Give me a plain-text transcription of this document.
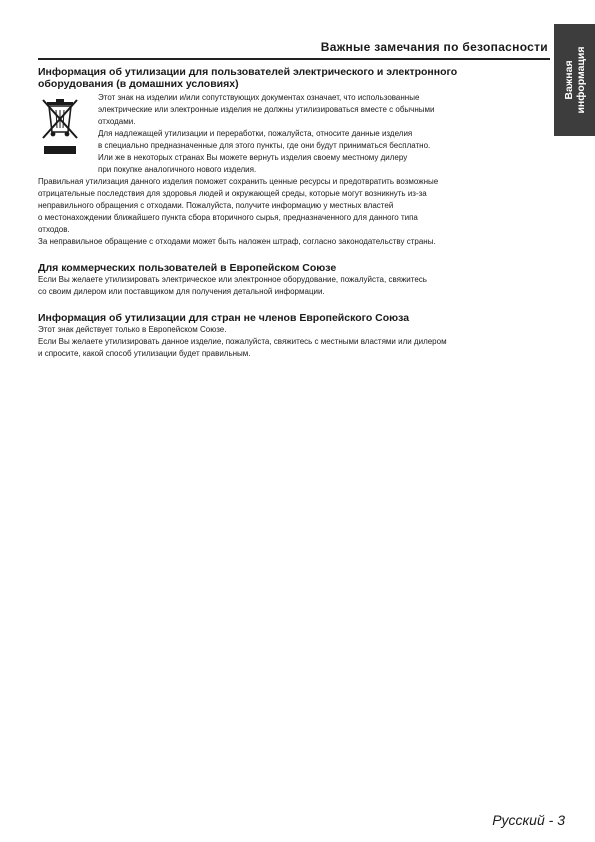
Важные замечания по безопасности
Важная информация
Информация об утилизации для пользователей электрического и электронного
оборудования (в домашних условиях)

Этот знак на изделии и/или сопутствующих документах означает, что использованные
электрические или электронные изделия не должны утилизироваться вместе с обычными
отходами.
Для надлежащей утилизации и переработки, пожалуйста, относите данные изделия
в специально предназначенные для этого пункты, где они будут приниматься бесплатно.
Или же в некоторых странах Вы можете вернуть изделия своему местному дилеру
при покупке аналогичного нового изделия.

Правильная утилизация данного изделия поможет сохранить ценные ресурсы и предотвратить возможные
отрицательные последствия для здоровья людей и окружающей среды, которые могут возникнуть из-за
неправильного обращения с отходами. Пожалуйста, получите информацию у местных властей
о местонахождении ближайшего пункта сбора вторичного сырья, предназначенного для данного типа
отходов.
За неправильное обращение с отходами может быть наложен штраф, согласно законодательству страны.

Для коммерческих пользователей в Европейском Союзе

Если Вы желаете утилизировать электрическое или электронное оборудование, пожалуйста, свяжитесь
со своим дилером или поставщиком для получения детальной информации.

Информация об утилизации для стран не членов Европейского Союза

Этот знак действует только в Европейском Союзе.
Если Вы желаете утилизировать данное изделие, пожалуйста, свяжитесь с местными властями или дилером
и спросите, какой способ утилизации будет правильным.

Русский - 3
